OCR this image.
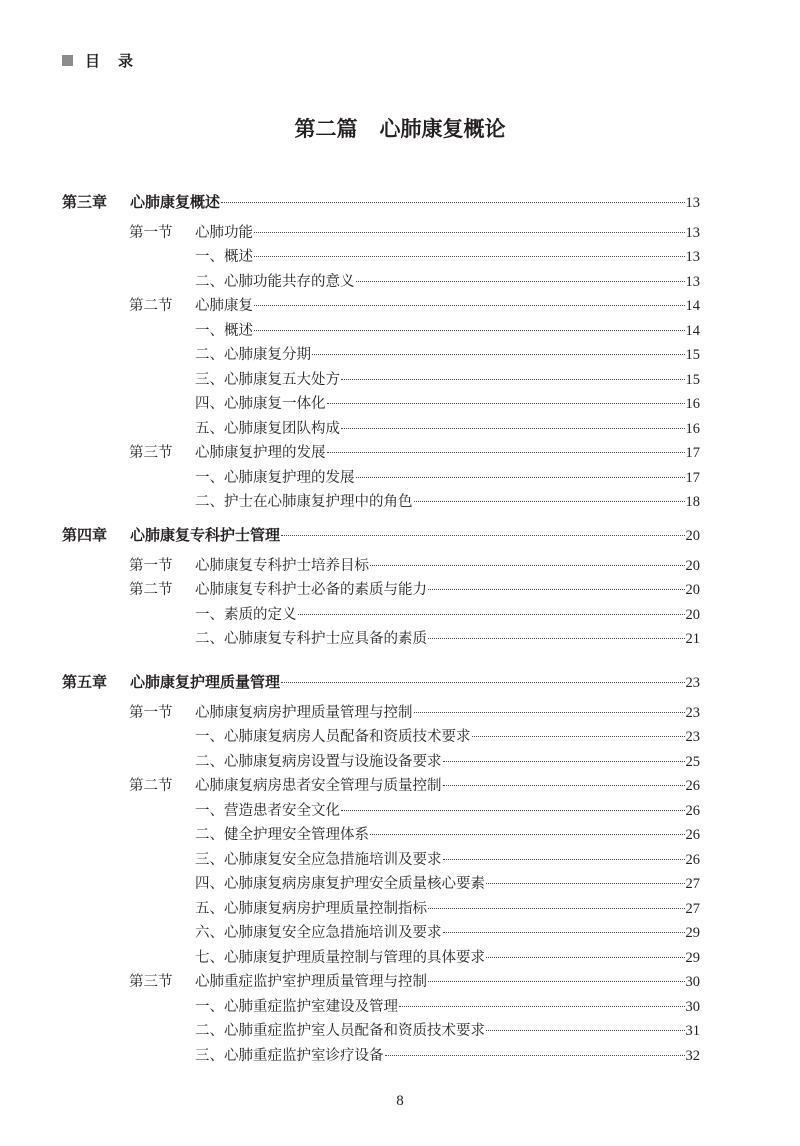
目录
第二篇 心肺康复概论
第三章	心肺康复概述	13
第一节	心肺功能	13
一、概述	13
二、心肺功能共存的意义	13
第二节	心肺康复	14
一、概述	14
二、心肺康复分期	15
三、心肺康复五大处方	15
四、心肺康复一体化	16
五、心肺康复团队构成	16
第三节	心肺康复护理的发展	17
一、心肺康复护理的发展	17
二、护士在心肺康复护理中的角色	18
第四章	心肺康复专科护士管理	20
第一节	心肺康复专科护士培养目标	20
第二节	心肺康复专科护士必备的素质与能力	20
一、素质的定义	20
二、心肺康复专科护士应具备的素质	21
第五章	心肺康复护理质量管理	23
第一节	心肺康复病房护理质量管理与控制	23
一、心肺康复病房人员配备和资质技术要求	23
二、心肺康复病房设置与设施设备要求	25
第二节	心肺康复病房患者安全管理与质量控制	26
一、营造患者安全文化	26
二、健全护理安全管理体系	26
三、心肺康复安全应急措施培训及要求	26
四、心肺康复病房康复护理安全质量核心要素	27
五、心肺康复病房护理质量控制指标	27
六、心肺康复安全应急措施培训及要求	29
七、心肺康复护理质量控制与管理的具体要求	29
第三节	心肺重症监护室护理质量管理与控制	30
一、心肺重症监护室建设及管理	30
二、心肺重症监护室人员配备和资质技术要求	31
三、心肺重症监护室诊疗设备	32
8
